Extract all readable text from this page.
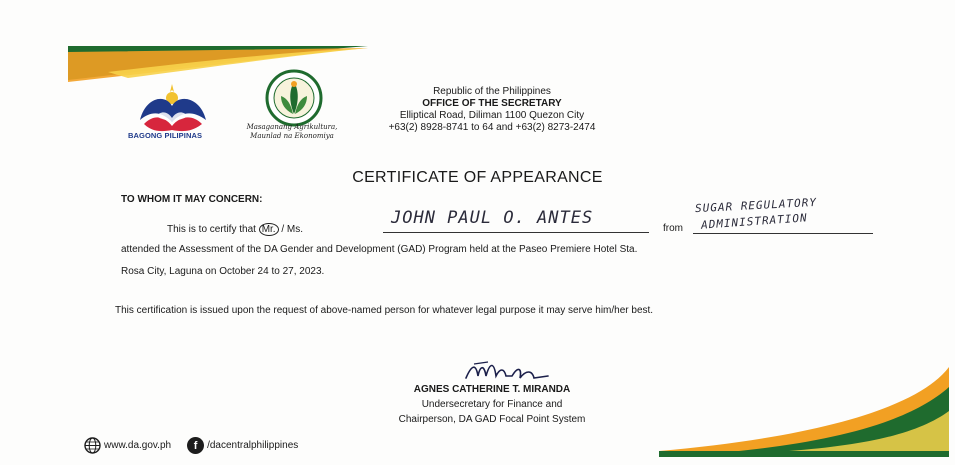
BAGONG PILIPINAS
Masaganang Agrikultura,
Maunlad na Ekonomiya
Republic of the Philippines
OFFICE OF THE SECRETARY
Elliptical Road, Diliman 1100 Quezon City
+63(2) 8928-8741 to 64 and +63(2) 8273-2474
CERTIFICATE OF APPEARANCE
TO WHOM IT MAY CONCERN:
This is to certify that Mr. / Ms.
JOHN PAUL O. ANTES
from
SUGAR REGULATORY
ADMINISTRATION
attended the Assessment of the DA Gender and Development (GAD) Program held at the Paseo Premiere Hotel Sta.
Rosa City, Laguna on October 24 to 27, 2023.
This certification is issued upon the request of above-named person for whatever legal purpose it may serve him/her best.
AGNES CATHERINE T. MIRANDA
Undersecretary for Finance and
Chairperson, DA GAD Focal Point System
www.da.gov.ph	f /dacentralphilippines
